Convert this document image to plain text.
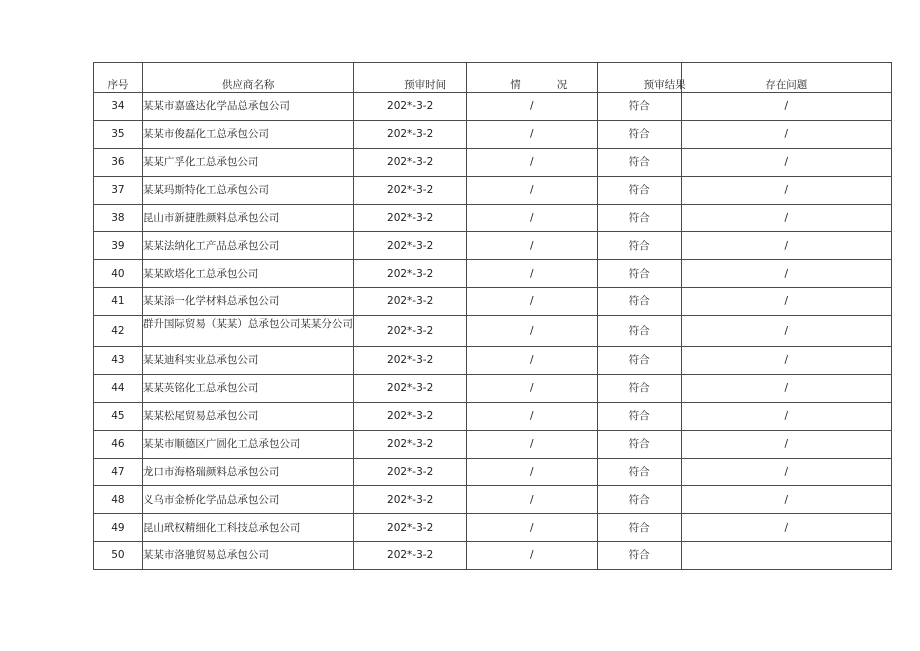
序号	供应商名称	预审时间	情 况	预审结果	存在问题
34	某某市嘉盛达化学品总承包公司	202*-3-2	/	符合	/
35	某某市俊磊化工总承包公司	202*-3-2	/	符合	/
36	某某广孚化工总承包公司	202*-3-2	/	符合	/
37	某某玛斯特化工总承包公司	202*-3-2	/	符合	/
38	昆山市新捷胜颜料总承包公司	202*-3-2	/	符合	/
39	某某法纳化工产品总承包公司	202*-3-2	/	符合	/
40	某某欧塔化工总承包公司	202*-3-2	/	符合	/
41	某某添一化学材料总承包公司	202*-3-2	/	符合	/
42	群升国际贸易（某某）总承包公司某某分公司	202*-3-2	/	符合	/
43	某某迪科实业总承包公司	202*-3-2	/	符合	/
44	某某英铭化工总承包公司	202*-3-2	/	符合	/
45	某某松尾贸易总承包公司	202*-3-2	/	符合	/
46	某某市顺德区广圆化工总承包公司	202*-3-2	/	符合	/
47	龙口市海格瑞颜料总承包公司	202*-3-2	/	符合	/
48	义乌市金桥化学品总承包公司	202*-3-2	/	符合	/
49	昆山玳权精细化工科技总承包公司	202*-3-2	/	符合	/
50	某某市洛驰贸易总承包公司	202*-3-2	/	符合	
